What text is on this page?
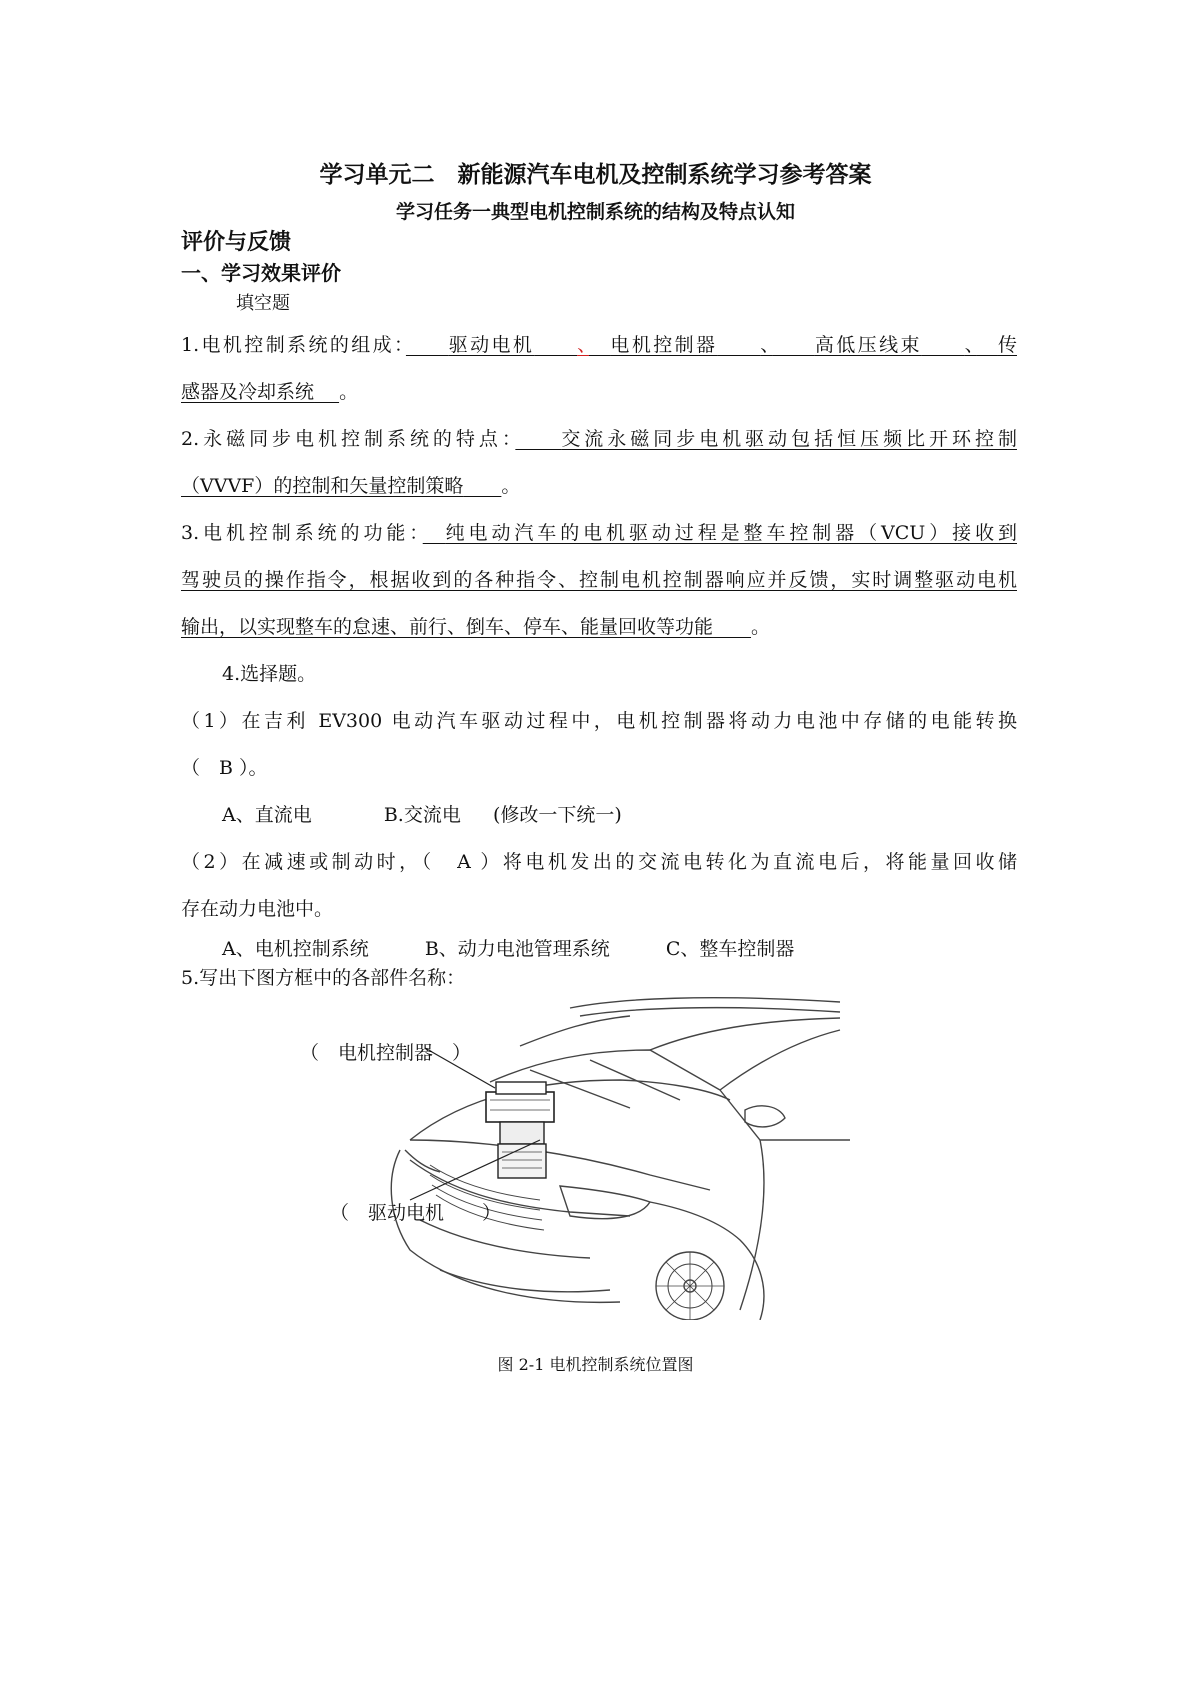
学习单元二　新能源汽车电机及控制系统学习参考答案
学习任务一典型电机控制系统的结构及特点认知
评价与反馈
一、学习效果评价
填空题
1.电机控制系统的组成：　　 驱动电机　　 、　 电机控制器　　 、　　 高低压线束　　 、　 传
感器及冷却系统　 。
2.永磁同步电机控制系统的特点：　　 交流永磁同步电机驱动包括恒压频比开环控制
（VVVF）的控制和矢量控制策略　　 。
3.电机控制系统的功能：　 纯电动汽车的电机驱动过程是整车控制器（VCU）接收到
驾驶员的操作指令，根据收到的各种指令、控制电机控制器响应并反馈，实时调整驱动电机
输出，以实现整车的怠速、前行、倒车、停车、能量回收等功能　　 。
4.选择题。
（1）在吉利 EV300 电动汽车驱动过程中，电机控制器将动力电池中存储的电能转换
（　 B ）。
A、直流电	B.交流电 (修改一下统一)
（2）在减速或制动时，（　 A ）将电机发出的交流电转化为直流电后，将能量回收储
存在动力电池中。
A、电机控制系统	B、动力电池管理系统	C、整车控制器
5.写出下图方框中的各部件名称：
（　电机控制器　）
（　驱动电机　　）
图 2-1 电机控制系统位置图
